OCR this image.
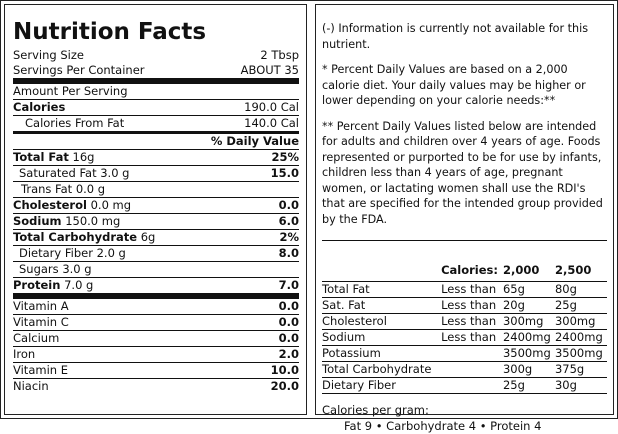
Nutrition Facts
Serving Size	2 Tbsp
Servings Per Container	ABOUT 35
Amount Per Serving
Calories	190.0 Cal
Calories From Fat	140.0 Cal
% Daily Value
Total Fat 16g	25%
Saturated Fat 3.0 g	15.0
Trans Fat 0.0 g
Cholesterol 0.0 mg	0.0
Sodium 150.0 mg	6.0
Total Carbohydrate 6g	2%
Dietary Fiber 2.0 g	8.0
Sugars 3.0 g
Protein 7.0 g	7.0
Vitamin A	0.0
Vitamin C	0.0
Calcium	0.0
Iron	2.0
Vitamin E	10.0
Niacin	20.0

(-) Information is currently not available for this nutrient.

* Percent Daily Values are based on a 2,000 calorie diet. Your daily values may be higher or lower depending on your calorie needs:**

** Percent Daily Values listed below are intended for adults and children over 4 years of age. Foods represented or purported to be for use by infants, children less than 4 years of age, pregnant women, or lactating women shall use the RDI's that are specified for the intended group provided by the FDA.

	Calories:	2,000	2,500
Total Fat	Less than	65g	80g
Sat. Fat	Less than	20g	25g
Cholesterol	Less than	300mg	300mg
Sodium	Less than	2400mg	2400mg
Potassium		3500mg	3500mg
Total Carbohydrate		300g	375g
Dietary Fiber		25g	30g
Calories per gram:
Fat 9 • Carbohydrate 4 • Protein 4
